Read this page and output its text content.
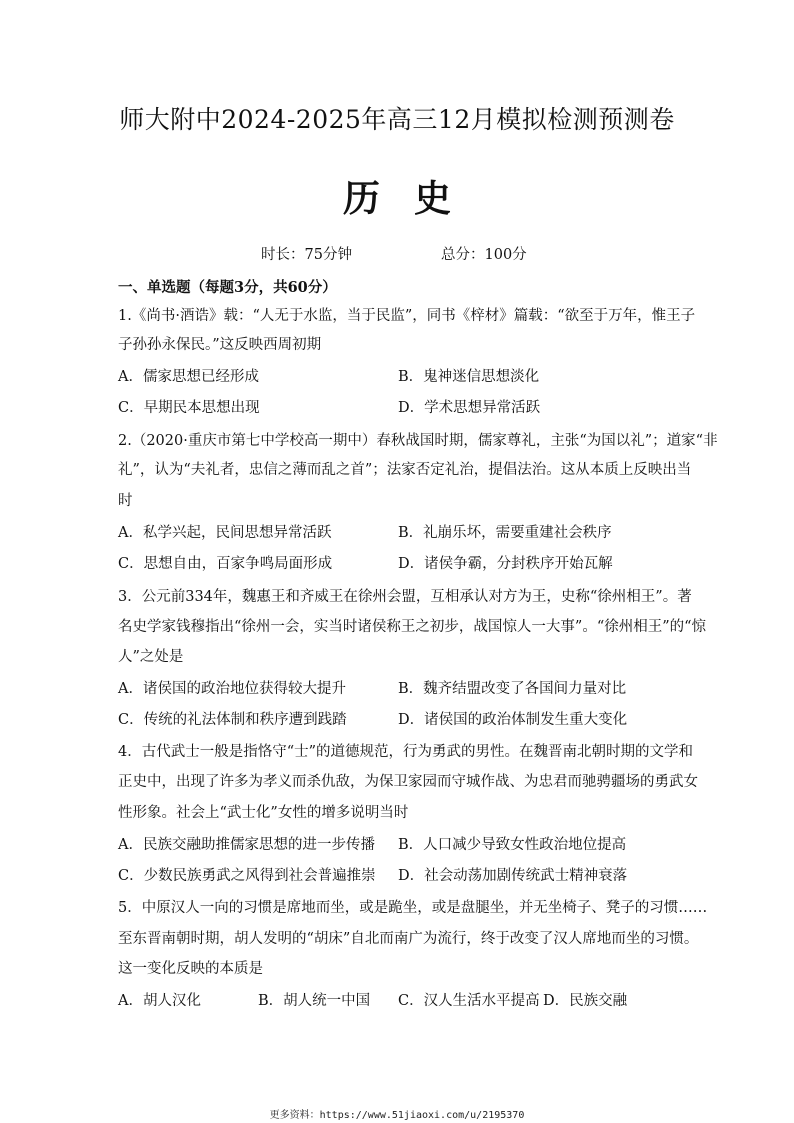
师大附中2024-2025年高三12月模拟检测预测卷
历史
时长：75分钟	总分：100分
一、单选题（每题3分，共60分）
1.《尚书·酒诰》载：“人无于水监，当于民监”，同书《梓材》篇载：“欲至于万年，惟王子
子孙孙永保民。”这反映西周初期
A．儒家思想已经形成	B．鬼神迷信思想淡化
C．早期民本思想出现	D．学术思想异常活跃
2.（2020·重庆市第七中学校高一期中）春秋战国时期，儒家尊礼，主张“为国以礼”；道家“非
礼”，认为“夫礼者，忠信之薄而乱之首”；法家否定礼治，提倡法治。这从本质上反映出当
时
A．私学兴起，民间思想异常活跃	B．礼崩乐坏，需要重建社会秩序
C．思想自由，百家争鸣局面形成	D．诸侯争霸，分封秩序开始瓦解
3．公元前334年，魏惠王和齐威王在徐州会盟，互相承认对方为王，史称“徐州相王”。著
名史学家钱穆指出“徐州一会，实当时诸侯称王之初步，战国惊人一大事”。“徐州相王”的“惊
人”之处是
A．诸侯国的政治地位获得较大提升	B．魏齐结盟改变了各国间力量对比
C．传统的礼法体制和秩序遭到践踏	D．诸侯国的政治体制发生重大变化
4．古代武士一般是指恪守“士”的道德规范，行为勇武的男性。在魏晋南北朝时期的文学和
正史中，出现了许多为孝义而杀仇敌，为保卫家园而守城作战、为忠君而驰骋疆场的勇武女
性形象。社会上“武士化”女性的增多说明当时
A．民族交融助推儒家思想的进一步传播 B．人口减少导致女性政治地位提高
C．少数民族勇武之风得到社会普遍推崇 D．社会动荡加剧传统武士精神衰落
5．中原汉人一向的习惯是席地而坐，或是跪坐，或是盘腿坐，并无坐椅子、凳子的习惯……
至东晋南朝时期，胡人发明的“胡床”自北而南广为流行，终于改变了汉人席地而坐的习惯。
这一变化反映的本质是
A．胡人汉化	B．胡人统一中国 C．汉人生活水平提高 D．民族交融
更多资料：https://www.51jiaoxi.com/u/2195370
